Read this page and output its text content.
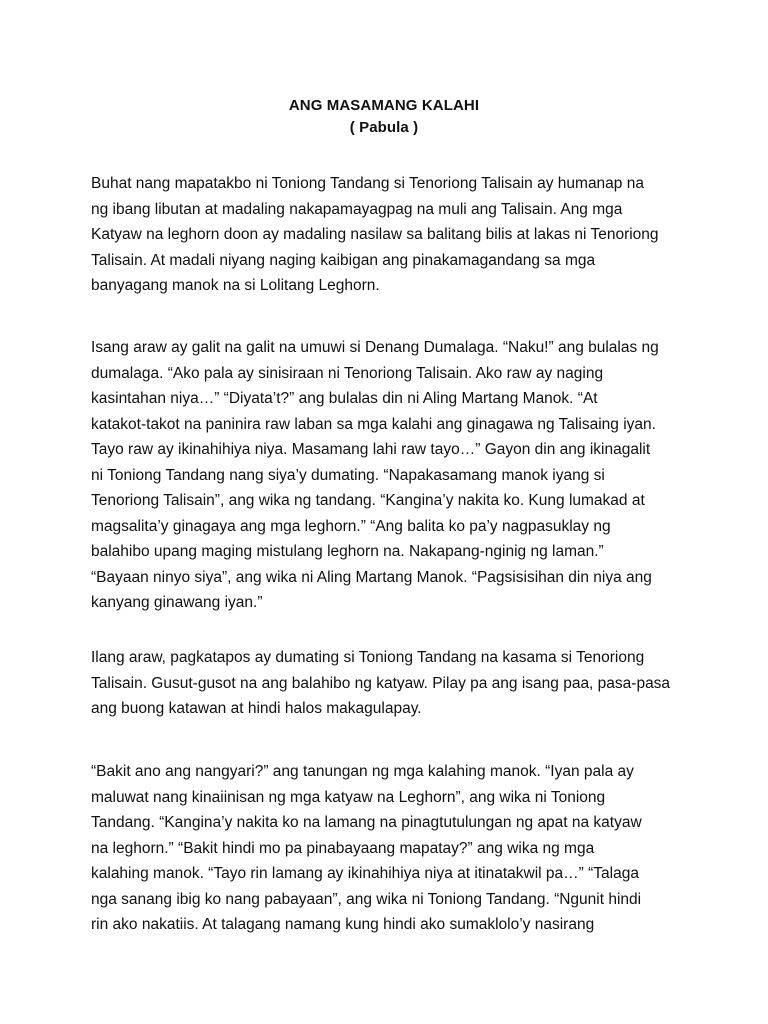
ANG MASAMANG KALAHI
( Pabula )
Buhat nang mapatakbo ni Toniong Tandang si Tenoriong Talisain ay humanap na
ng ibang libutan at madaling nakapamayagpag na muli ang Talisain. Ang mga
Katyaw na leghorn doon ay madaling nasilaw sa balitang bilis at lakas ni Tenoriong
Talisain. At madali niyang naging kaibigan ang pinakamagandang sa mga
banyagang manok na si Lolitang Leghorn.
Isang araw ay galit na galit na umuwi si Denang Dumalaga. “Naku!” ang bulalas ng
dumalaga. “Ako pala ay sinisiraan ni Tenoriong Talisain. Ako raw ay naging
kasintahan niya…” “Diyata’t?” ang bulalas din ni Aling Martang Manok. “At
katakot-takot na paninira raw laban sa mga kalahi ang ginagawa ng Talisaing iyan.
Tayo raw ay ikinahihiya niya. Masamang lahi raw tayo…” Gayon din ang ikinagalit
ni Toniong Tandang nang siya’y dumating. “Napakasamang manok iyang si
Tenoriong Talisain”, ang wika ng tandang. “Kangina’y nakita ko. Kung lumakad at
magsalita’y ginagaya ang mga leghorn.” “Ang balita ko pa’y nagpasuklay ng
balahibo upang maging mistulang leghorn na. Nakapang-nginig ng laman.”
“Bayaan ninyo siya”, ang wika ni Aling Martang Manok. “Pagsisisihan din niya ang
kanyang ginawang iyan.”
Ilang araw, pagkatapos ay dumating si Toniong Tandang na kasama si Tenoriong
Talisain. Gusut-gusot na ang balahibo ng katyaw. Pilay pa ang isang paa, pasa-pasa
ang buong katawan at hindi halos makagulapay.
“Bakit ano ang nangyari?” ang tanungan ng mga kalahing manok. “Iyan pala ay
maluwat nang kinaiinisan ng mga katyaw na Leghorn”, ang wika ni Toniong
Tandang. “Kangina’y nakita ko na lamang na pinagtutulungan ng apat na katyaw
na leghorn.” “Bakit hindi mo pa pinabayaang mapatay?” ang wika ng mga
kalahing manok. “Tayo rin lamang ay ikinahihiya niya at itinatakwil pa…” “Talaga
nga sanang ibig ko nang pabayaan”, ang wika ni Toniong Tandang. “Ngunit hindi
rin ako nakatiis. At talagang namang kung hindi ako sumaklolo’y nasirang
